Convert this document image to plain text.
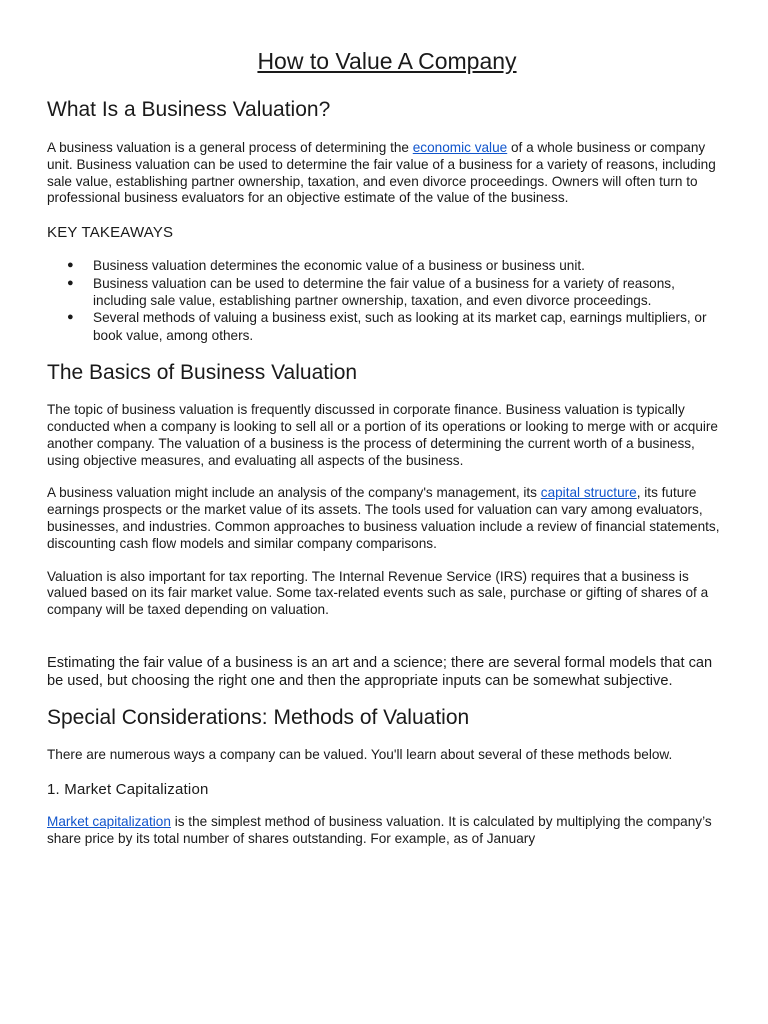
How to Value A Company
What Is a Business Valuation?

A business valuation is a general process of determining the economic value of a whole business or company unit. Business valuation can be used to determine the fair value of a business for a variety of reasons, including sale value, establishing partner ownership, taxation, and even divorce proceedings. Owners will often turn to professional business evaluators for an objective estimate of the value of the business.

KEY TAKEAWAYS
● Business valuation determines the economic value of a business or business unit.
● Business valuation can be used to determine the fair value of a business for a variety of reasons, including sale value, establishing partner ownership, taxation, and even divorce proceedings.
● Several methods of valuing a business exist, such as looking at its market cap, earnings multipliers, or book value, among others.
The Basics of Business Valuation

The topic of business valuation is frequently discussed in corporate finance. Business valuation is typically conducted when a company is looking to sell all or a portion of its operations or looking to merge with or acquire another company. The valuation of a business is the process of determining the current worth of a business, using objective measures, and evaluating all aspects of the business.

A business valuation might include an analysis of the company's management, its capital structure, its future earnings prospects or the market value of its assets. The tools used for valuation can vary among evaluators, businesses, and industries. Common approaches to business valuation include a review of financial statements, discounting cash flow models and similar company comparisons.

Valuation is also important for tax reporting. The Internal Revenue Service (IRS) requires that a business is valued based on its fair market value. Some tax-related events such as sale, purchase or gifting of shares of a company will be taxed depending on valuation.

Estimating the fair value of a business is an art and a science; there are several formal models that can be used, but choosing the right one and then the appropriate inputs can be somewhat subjective.

Special Considerations: Methods of Valuation

There are numerous ways a company can be valued. You'll learn about several of these methods below.

1. Market Capitalization

Market capitalization is the simplest method of business valuation. It is calculated by multiplying the company’s share price by its total number of shares outstanding. For example, as of January
